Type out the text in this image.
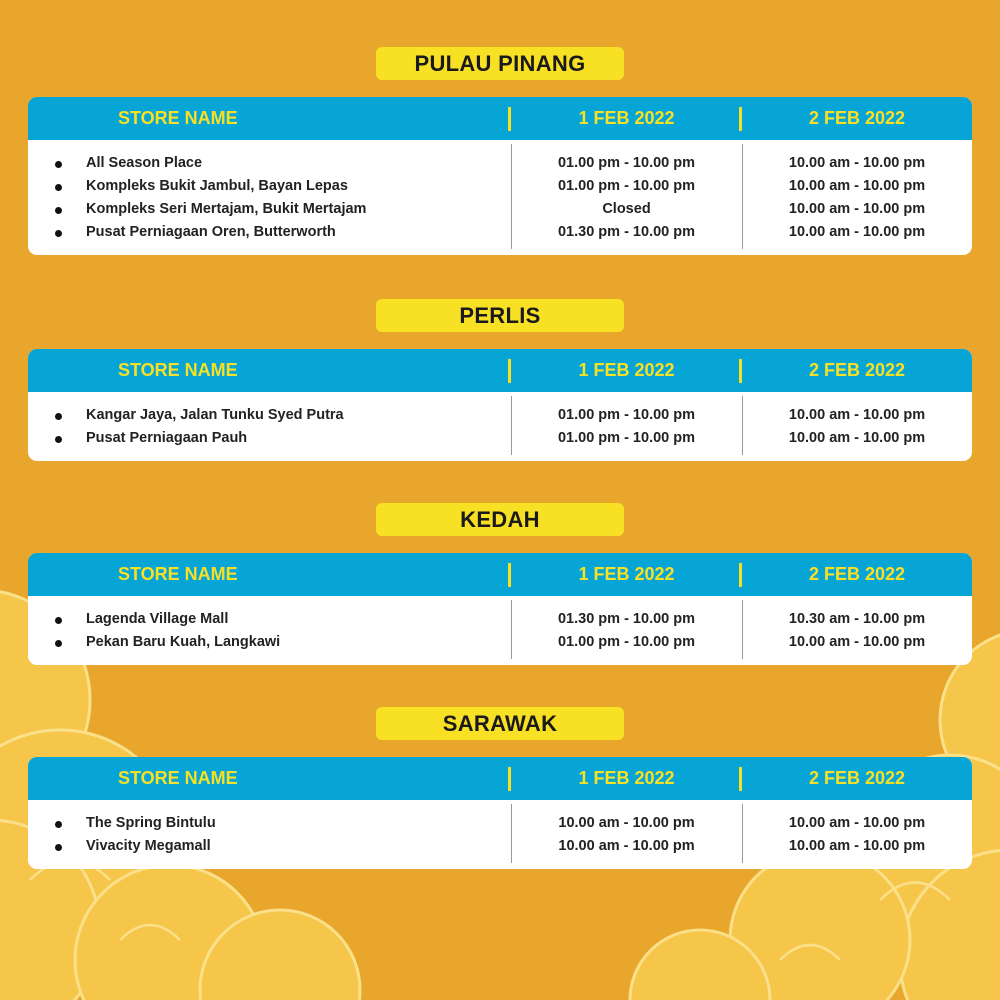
PULAU PINANG
STORE NAME	1 FEB 2022	2 FEB 2022
All Season Place	01.00 pm - 10.00 pm	10.00 am - 10.00 pm
Kompleks Bukit Jambul, Bayan Lepas	01.00 pm - 10.00 pm	10.00 am - 10.00 pm
Kompleks Seri Mertajam, Bukit Mertajam	Closed	10.00 am - 10.00 pm
Pusat Perniagaan Oren, Butterworth	01.30 pm - 10.00 pm	10.00 am - 10.00 pm
PERLIS
STORE NAME	1 FEB 2022	2 FEB 2022
Kangar Jaya, Jalan Tunku Syed Putra	01.00 pm - 10.00 pm	10.00 am - 10.00 pm
Pusat Perniagaan Pauh	01.00 pm - 10.00 pm	10.00 am - 10.00 pm
KEDAH
STORE NAME	1 FEB 2022	2 FEB 2022
Lagenda Village Mall	01.30 pm - 10.00 pm	10.30 am - 10.00 pm
Pekan Baru Kuah, Langkawi	01.00 pm - 10.00 pm	10.00 am - 10.00 pm
SARAWAK
STORE NAME	1 FEB 2022	2 FEB 2022
The Spring Bintulu	10.00 am - 10.00 pm	10.00 am - 10.00 pm
Vivacity Megamall	10.00 am - 10.00 pm	10.00 am - 10.00 pm
